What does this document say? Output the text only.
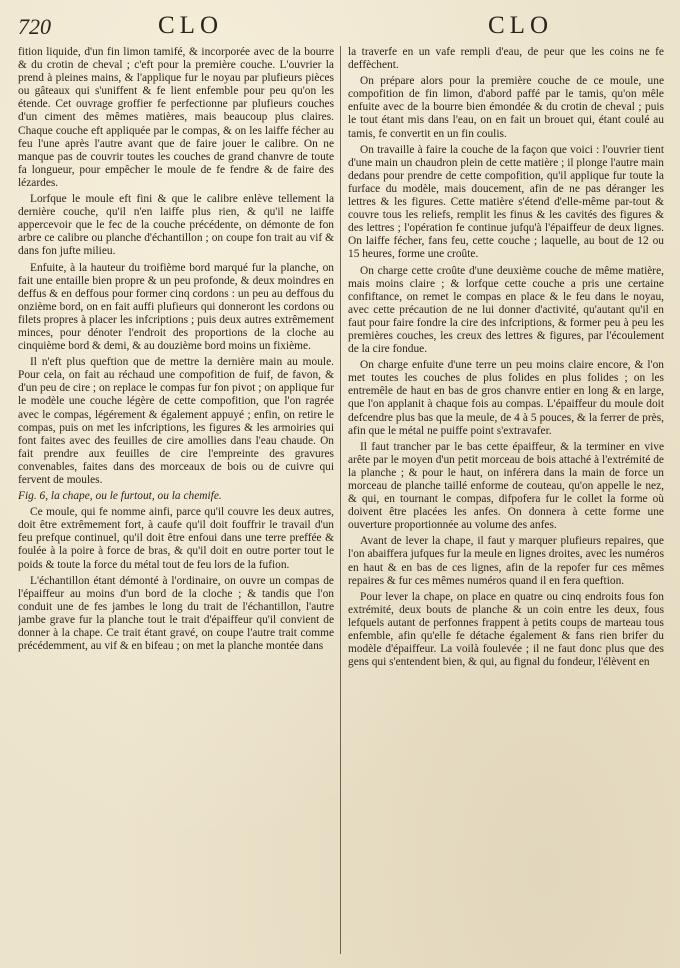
720	CLO	CLO

fition liquide, d'un fin limon tamifé, & incorporée avec de la bourre & du crotin de cheval ; c'eft pour la première couche. L'ouvrier la prend à pleines mains, & l'applique fur le noyau par plufieurs pièces ou gâteaux qui s'uniffent & fe lient enfemble pour peu qu'on les étende. Cet ouvrage groffier fe perfectionne par plufieurs couches d'un ciment des mêmes matières, mais beaucoup plus claires. Chaque couche eft appliquée par le compas, & on les laiffe fécher au feu l'une après l'autre avant que de faire jouer le calibre. On ne manque pas de couvrir toutes les couches de grand chanvre de toute fa longueur, pour empêcher le moule de fe fendre & de faire des lézardes.

Lorfque le moule eft fini & que le calibre enlève tellement la dernière couche, qu'il n'en laiffe plus rien, & qu'il ne laiffe appercevoir que le fec de la couche précédente, on démonte de fon arbre ce calibre ou planche d'échantillon ; on coupe fon trait au vif & dans fon jufte milieu.

Enfuite, à la hauteur du troifième bord marqué fur la planche, on fait une entaille bien propre & un peu profonde, & deux moindres en deffus & en deffous pour former cinq cordons : un peu au deffous du onzième bord, on en fait auffi plufieurs qui donneront les cordons ou filets propres à placer les infcriptions ; puis deux autres extrêmement minces, pour dénoter l'endroit des proportions de la cloche au cinquième bord & demi, & au douzième bord moins un fixième.

Il n'eft plus queftion que de mettre la dernière main au moule. Pour cela, on fait au réchaud une compofition de fuif, de favon, & d'un peu de cire ; on replace le compas fur fon pivot ; on applique fur le modèle une couche légère de cette compofition, que l'on ragrée avec le compas, légérement & également appuyé ; enfin, on retire le compas, puis on met les infcriptions, les figures & les armoiries qui font faites avec des feuilles de cire amollies dans l'eau chaude. On fait prendre aux feuilles de cire l'empreinte des gravures convenables, faites dans des morceaux de bois ou de cuivre qui fervent de moules.

Fig. 6, la chape, ou le furtout, ou la chemife.

Ce moule, qui fe nomme ainfi, parce qu'il couvre les deux autres, doit être extrêmement fort, à caufe qu'il doit fouffrir le travail d'un feu prefque continuel, qu'il doit être enfoui dans une terre preffée & foulée à la poire à force de bras, & qu'il doit en outre porter tout le poids & toute la force du métal tout de feu lors de la fufion.

L'échantillon étant démonté à l'ordinaire, on ouvre un compas de l'épaiffeur au moins d'un bord de la cloche ; & tandis que l'on conduit une de fes jambes le long du trait de l'échantillon, l'autre jambe grave fur la planche tout le trait d'épaiffeur qu'il convient de donner à la chape. Ce trait étant gravé, on coupe l'autre trait comme précédemment, au vif & en bifeau ; on met la planche montée dans

la traverfe en un vafe rempli d'eau, de peur que les coins ne fe deffèchent.

On prépare alors pour la première couche de ce moule, une compofition de fin limon, d'abord paffé par le tamis, qu'on mêle enfuite avec de la bourre bien émondée & du crotin de cheval ; puis le tout étant mis dans l'eau, on en fait un brouet qui, étant coulé au tamis, fe convertit en un fin coulis.

On travaille à faire la couche de la façon que voici : l'ouvrier tient d'une main un chaudron plein de cette matière ; il plonge l'autre main dedans pour prendre de cette compofition, qu'il applique fur toute la furface du modèle, mais doucement, afin de ne pas déranger les lettres & les figures. Cette matière s'étend d'elle-même par-tout & couvre tous les reliefs, remplit les finus & les cavités des figures & des lettres ; l'opération fe continue jufqu'à l'épaiffeur de deux lignes. On laiffe fécher, fans feu, cette couche ; laquelle, au bout de 12 ou 15 heures, forme une croûte.

On charge cette croûte d'une deuxième couche de même matière, mais moins claire ; & lorfque cette couche a pris une certaine confiftance, on remet le compas en place & le feu dans le noyau, avec cette précaution de ne lui donner d'activité, qu'autant qu'il en faut pour faire fondre la cire des infcriptions, & former peu à peu les premières couches, les creux des lettres & figures, par l'écoulement de la cire fondue.

On charge enfuite d'une terre un peu moins claire encore, & l'on met toutes les couches de plus folides en plus folides ; on les entremêle de haut en bas de gros chanvre entier en long & en large, que l'on applanit à chaque fois au compas. L'épaiffeur du moule doit defcendre plus bas que la meule, de 4 à 5 pouces, & la ferrer de près, afin que le métal ne puiffe point s'extravafer.

Il faut trancher par le bas cette épaiffeur, & la terminer en vive arête par le moyen d'un petit morceau de bois attaché à l'extrémité de la planche ; & pour le haut, on inférera dans la main de force un morceau de planche taillé enforme de couteau, qu'on appelle le nez, & qui, en tournant le compas, difpofera fur le collet la forme où doivent être placées les anfes. On donnera à cette forme une ouverture proportionnée au volume des anfes.

Avant de lever la chape, il faut y marquer plufieurs repaires, que l'on abaiffera jufques fur la meule en lignes droites, avec les numéros en haut & en bas de ces lignes, afin de la repofer fur ces mêmes repaires & fur ces mêmes numéros quand il en fera queftion.

Pour lever la chape, on place en quatre ou cinq endroits fous fon extrémité, deux bouts de planche & un coin entre les deux, fous lefquels autant de perfonnes frappent à petits coups de marteau tous enfemble, afin qu'elle fe détache également & fans rien brifer du modèle d'épaiffeur. La voilà foulevée ; il ne faut donc plus que des gens qui s'entendent bien, & qui, au fignal du fondeur, l'élèvent en
